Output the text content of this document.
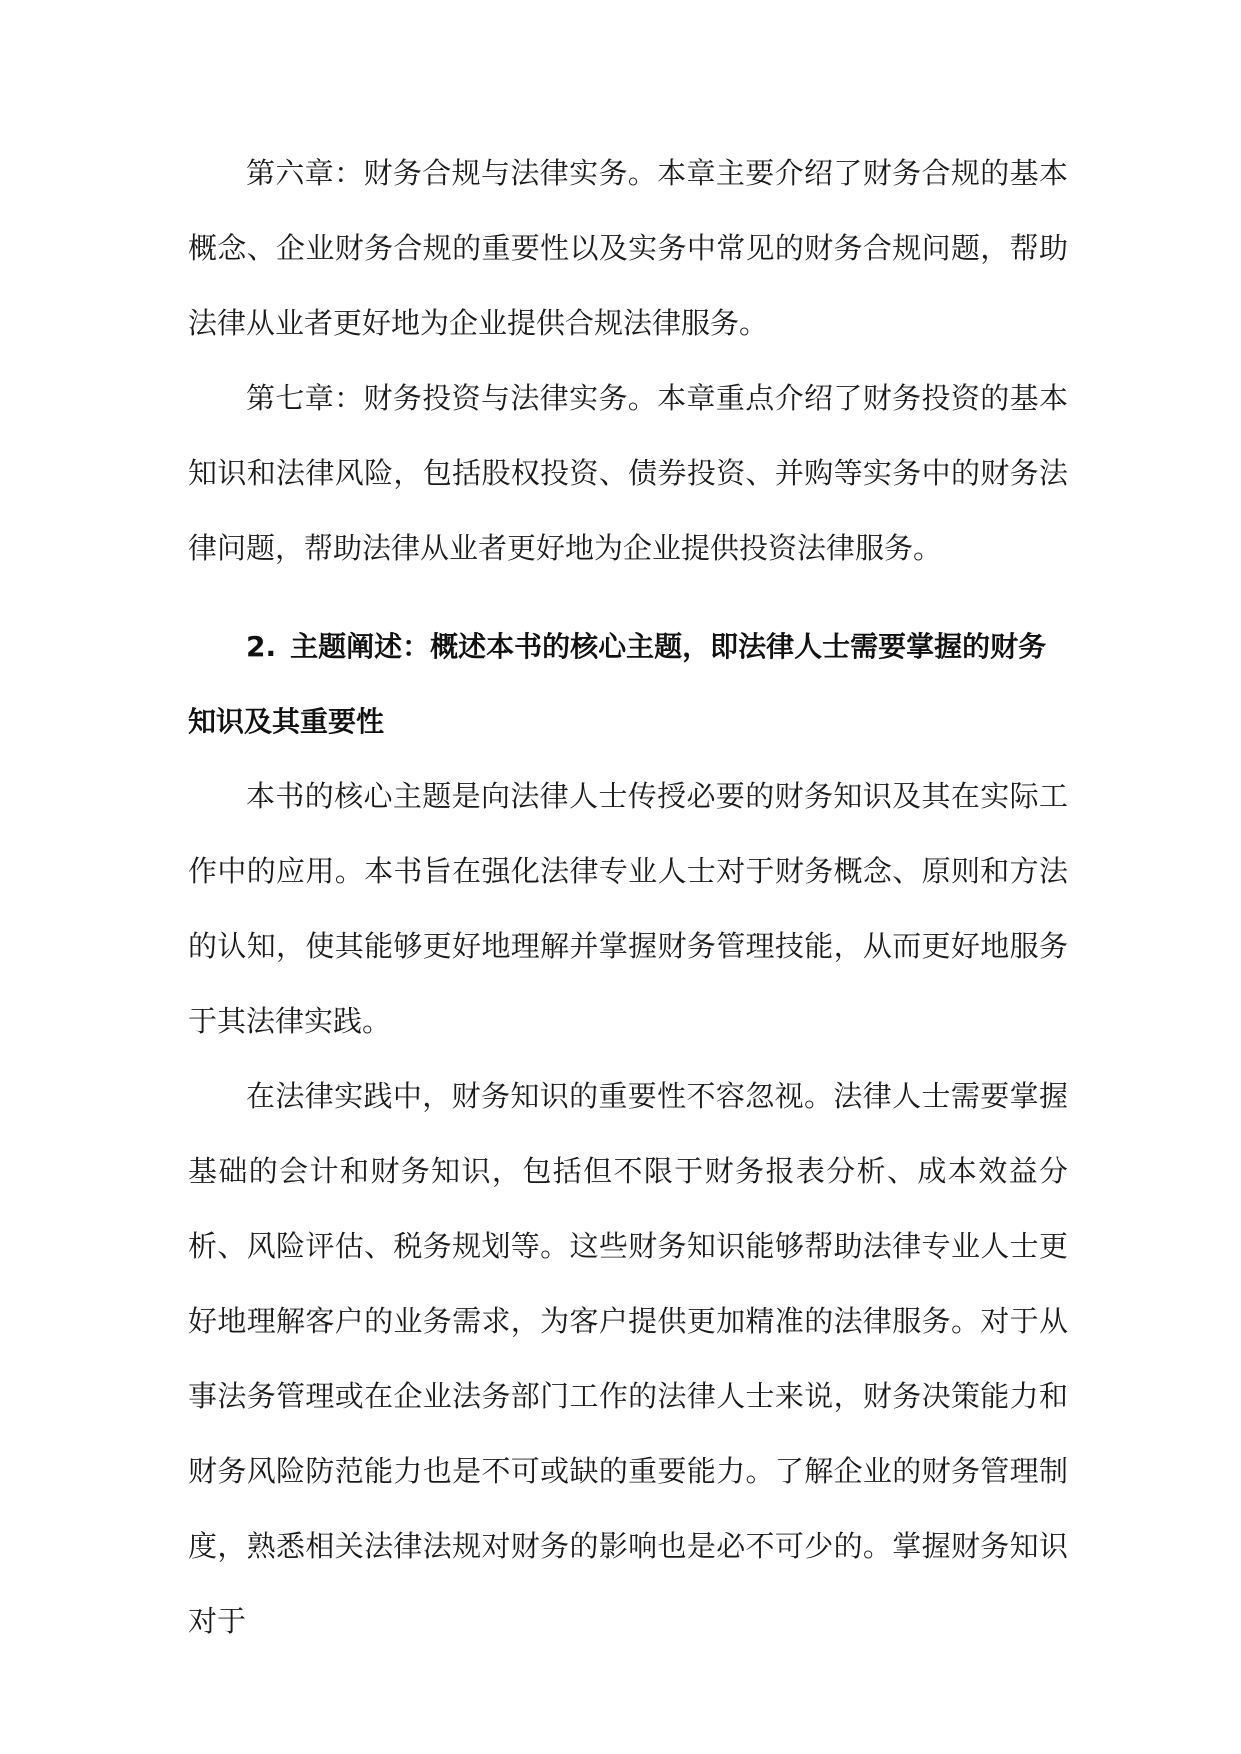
第六章：财务合规与法律实务。本章主要介绍了财务合规的基本概念、企业财务合规的重要性以及实务中常见的财务合规问题，帮助法律从业者更好地为企业提供合规法律服务。

第七章：财务投资与法律实务。本章重点介绍了财务投资的基本知识和法律风险，包括股权投资、债券投资、并购等实务中的财务法律问题，帮助法律从业者更好地为企业提供投资法律服务。

2. 主题阐述：概述本书的核心主题，即法律人士需要掌握的财务知识及其重要性

本书的核心主题是向法律人士传授必要的财务知识及其在实际工作中的应用。本书旨在强化法律专业人士对于财务概念、原则和方法的认知，使其能够更好地理解并掌握财务管理技能，从而更好地服务于其法律实践。

在法律实践中，财务知识的重要性不容忽视。法律人士需要掌握基础的会计和财务知识，包括但不限于财务报表分析、成本效益分析、风险评估、税务规划等。这些财务知识能够帮助法律专业人士更好地理解客户的业务需求，为客户提供更加精准的法律服务。对于从事法务管理或在企业法务部门工作的法律人士来说，财务决策能力和财务风险防范能力也是不可或缺的重要能力。了解企业的财务管理制度，熟悉相关法律法规对财务的影响也是必不可少的。掌握财务知识对于
